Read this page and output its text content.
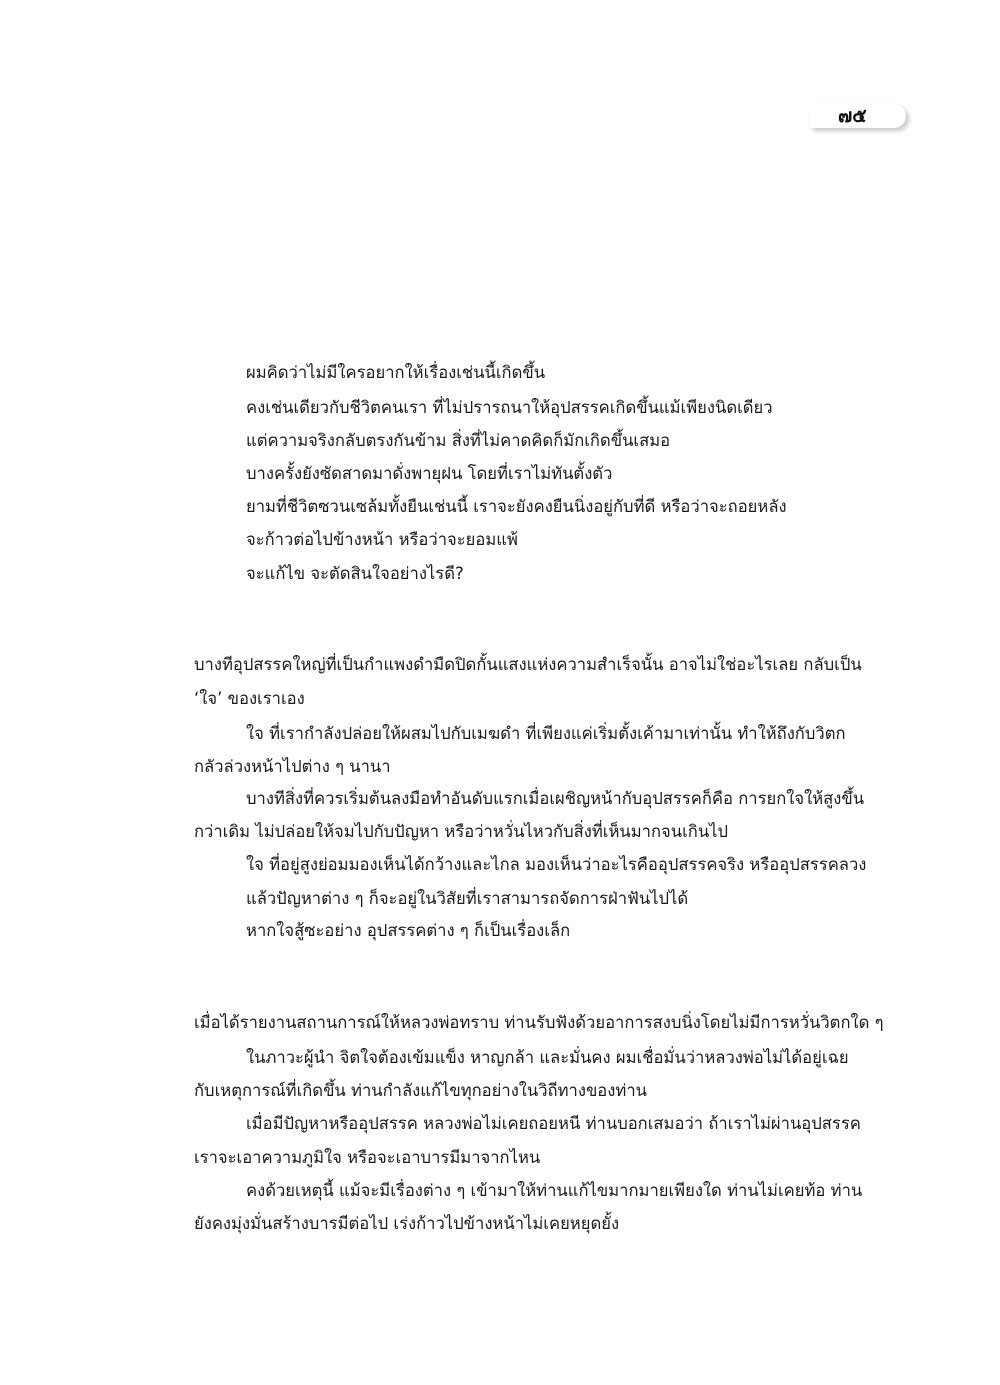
๗๕
ผมคิดว่าไม่มีใครอยากให้เรื่องเช่นนี้เกิดขึ้น
คงเช่นเดียวกับชีวิตคนเรา ที่ไม่ปรารถนาให้อุปสรรคเกิดขึ้นแม้เพียงนิดเดียว
แต่ความจริงกลับตรงกันข้าม สิ่งที่ไม่คาดคิดก็มักเกิดขึ้นเสมอ
บางครั้งยังซัดสาดมาดั่งพายุฝน โดยที่เราไม่ทันตั้งตัว
ยามที่ชีวิตซวนเซล้มทั้งยืนเช่นนี้ เราจะยังคงยืนนิ่งอยู่กับที่ดี หรือว่าจะถอยหลัง
จะก้าวต่อไปข้างหน้า หรือว่าจะยอมแพ้
จะแก้ไข จะตัดสินใจอย่างไรดี?
บางทีอุปสรรคใหญ่ที่เป็นกำแพงดำมืดปิดกั้นแสงแห่งความสำเร็จนั้น อาจไม่ใช่อะไรเลย กลับเป็น
‘ใจ’ ของเราเอง
ใจ ที่เรากำลังปล่อยให้ผสมไปกับเมฆดำ ที่เพียงแค่เริ่มตั้งเค้ามาเท่านั้น ทำให้ถึงกับวิตก
กลัวล่วงหน้าไปต่าง ๆ นานา
บางทีสิ่งที่ควรเริ่มต้นลงมือทำอันดับแรกเมื่อเผชิญหน้ากับอุปสรรคก็คือ การยกใจให้สูงขึ้น
กว่าเดิม ไม่ปล่อยให้จมไปกับปัญหา หรือว่าหวั่นไหวกับสิ่งที่เห็นมากจนเกินไป
ใจ ที่อยู่สูงย่อมมองเห็นได้กว้างและไกล มองเห็นว่าอะไรคืออุปสรรคจริง หรืออุปสรรคลวง
แล้วปัญหาต่าง ๆ ก็จะอยู่ในวิสัยที่เราสามารถจัดการฝ่าฟันไปได้
หากใจสู้ซะอย่าง อุปสรรคต่าง ๆ ก็เป็นเรื่องเล็ก
เมื่อได้รายงานสถานการณ์ให้หลวงพ่อทราบ ท่านรับฟังด้วยอาการสงบนิ่งโดยไม่มีการหวั่นวิตกใด ๆ
ในภาวะผู้นำ จิตใจต้องเข้มแข็ง หาญกล้า และมั่นคง ผมเชื่อมั่นว่าหลวงพ่อไม่ได้อยู่เฉย
กับเหตุการณ์ที่เกิดขึ้น ท่านกำลังแก้ไขทุกอย่างในวิถีทางของท่าน
เมื่อมีปัญหาหรืออุปสรรค หลวงพ่อไม่เคยถอยหนี ท่านบอกเสมอว่า ถ้าเราไม่ผ่านอุปสรรค
เราจะเอาความภูมิใจ หรือจะเอาบารมีมาจากไหน
คงด้วยเหตุนี้ แม้จะมีเรื่องต่าง ๆ เข้ามาให้ท่านแก้ไขมากมายเพียงใด ท่านไม่เคยท้อ ท่าน
ยังคงมุ่งมั่นสร้างบารมีต่อไป เร่งก้าวไปข้างหน้าไม่เคยหยุดยั้ง
